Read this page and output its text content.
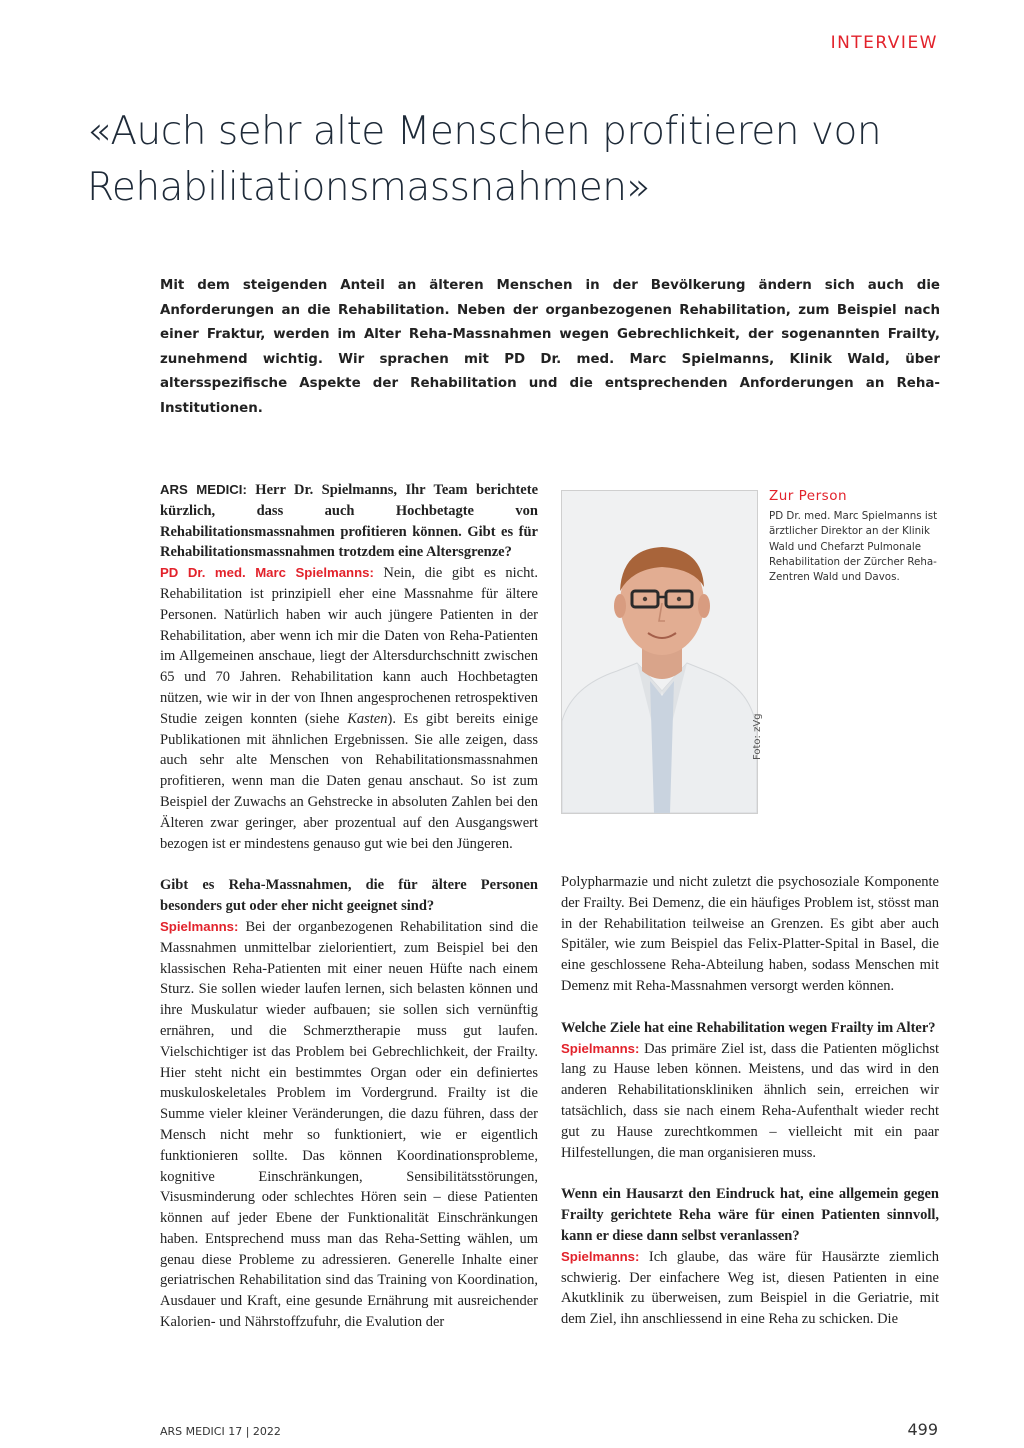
INTERVIEW
«Auch sehr alte Menschen profitieren von
Rehabilitationsmassnahmen»

Mit dem steigenden Anteil an älteren Menschen in der Bevölkerung ändern sich auch die Anforderungen an die Rehabilitation. Neben der organbezogenen Rehabilitation, zum Beispiel nach einer Fraktur, werden im Alter Reha-Massnahmen wegen Gebrechlichkeit, der sogenannten Frailty, zunehmend wichtig. Wir sprachen mit PD Dr. med. Marc Spielmanns, Klinik Wald, über altersspezifische Aspekte der Rehabilitation und die entsprechenden Anforderungen an Reha-Institutionen.

ARS MEDICI: Herr Dr. Spielmanns, Ihr Team berichtete kürzlich, dass auch Hochbetagte von Rehabilitationsmassnahmen profitieren können. Gibt es für Rehabilitationsmassnahmen trotzdem eine Altersgrenze?

PD Dr. med. Marc Spielmanns: Nein, die gibt es nicht. Rehabilitation ist prinzipiell eher eine Massnahme für ältere Personen. Natürlich haben wir auch jüngere Patienten in der Rehabilitation, aber wenn ich mir die Daten von Reha-Patienten im Allgemeinen anschaue, liegt der Altersdurchschnitt zwischen 65 und 70 Jahren. Rehabilitation kann auch Hochbetagten nützen, wie wir in der von Ihnen angesprochenen retrospektiven Studie zeigen konnten (siehe Kasten). Es gibt bereits einige Publikationen mit ähnlichen Ergebnissen. Sie alle zeigen, dass auch sehr alte Menschen von Rehabilitationsmassnahmen profitieren, wenn man die Daten genau anschaut. So ist zum Beispiel der Zuwachs an Gehstrecke in absoluten Zahlen bei den Älteren zwar geringer, aber prozentual auf den Ausgangswert bezogen ist er mindestens genauso gut wie bei den Jüngeren.

Gibt es Reha-Massnahmen, die für ältere Personen besonders gut oder eher nicht geeignet sind?

Spielmanns: Bei der organbezogenen Rehabilitation sind die Massnahmen unmittelbar zielorientiert, zum Beispiel bei den klassischen Reha-Patienten mit einer neuen Hüfte nach einem Sturz. Sie sollen wieder laufen lernen, sich belasten können und ihre Muskulatur wieder aufbauen; sie sollen sich vernünftig ernähren, und die Schmerztherapie muss gut laufen. Vielschichtiger ist das Problem bei Gebrechlichkeit, der Frailty. Hier steht nicht ein bestimmtes Organ oder ein definiertes muskuloskeletales Problem im Vordergrund. Frailty ist die Summe vieler kleiner Veränderungen, die dazu führen, dass der Mensch nicht mehr so funktioniert, wie er eigentlich funktionieren sollte. Das können Koordinationsprobleme, kognitive Einschränkungen, Sensibilitätsstörungen, Visusminderung oder schlechtes Hören sein – diese Patienten können auf jeder Ebene der Funktionalität Einschränkungen haben. Entsprechend muss man das Reha-Setting wählen, um genau diese Probleme zu adressieren. Generelle Inhalte einer geriatrischen Rehabilitation sind das Training von Koordination, Ausdauer und Kraft, eine gesunde Ernährung mit ausreichender Kalorien- und Nährstoffzufuhr, die Evalution der

Foto: zVg

Zur Person

PD Dr. med. Marc Spielmanns ist ärztlicher Direktor an der Klinik Wald und Chefarzt Pulmonale Rehabilitation der Zürcher Reha-Zentren Wald und Davos.

Polypharmazie und nicht zuletzt die psychosoziale Komponente der Frailty. Bei Demenz, die ein häufiges Problem ist, stösst man in der Rehabilitation teilweise an Grenzen. Es gibt aber auch Spitäler, wie zum Beispiel das Felix-Platter-Spital in Basel, die eine geschlossene Reha-Abteilung haben, sodass Menschen mit Demenz mit Reha-Massnahmen versorgt werden können.

Welche Ziele hat eine Rehabilitation wegen Frailty im Alter?

Spielmanns: Das primäre Ziel ist, dass die Patienten möglichst lang zu Hause leben können. Meistens, und das wird in den anderen Rehabilitationskliniken ähnlich sein, erreichen wir tatsächlich, dass sie nach einem Reha-Aufenthalt wieder recht gut zu Hause zurechtkommen – vielleicht mit ein paar Hilfestellungen, die man organisieren muss.

Wenn ein Hausarzt den Eindruck hat, eine allgemein gegen Frailty gerichtete Reha wäre für einen Patienten sinnvoll, kann er diese dann selbst veranlassen?

Spielmanns: Ich glaube, das wäre für Hausärzte ziemlich schwierig. Der einfachere Weg ist, diesen Patienten in eine Akutklinik zu überweisen, zum Beispiel in die Geriatrie, mit dem Ziel, ihn anschliessend in eine Reha zu schicken. Die

ARS MEDICI 17 | 2022	499
